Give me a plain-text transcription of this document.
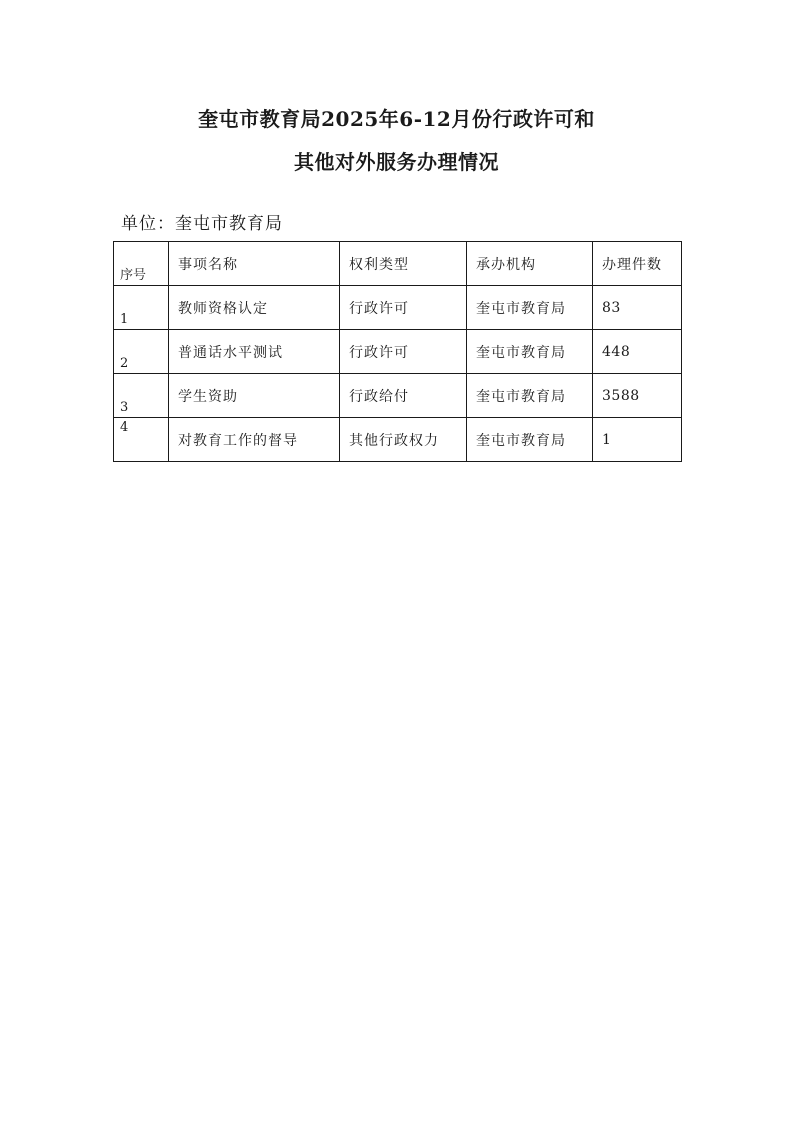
奎屯市教育局2025年6-12月份行政许可和
其他对外服务办理情况
单位：奎屯市教育局
序号	事项名称	权利类型	承办机构	办理件数
1	教师资格认定	行政许可	奎屯市教育局	83
2	普通话水平测试	行政许可	奎屯市教育局	448
3	学生资助	行政给付	奎屯市教育局	3588
4	对教育工作的督导	其他行政权力	奎屯市教育局	1
